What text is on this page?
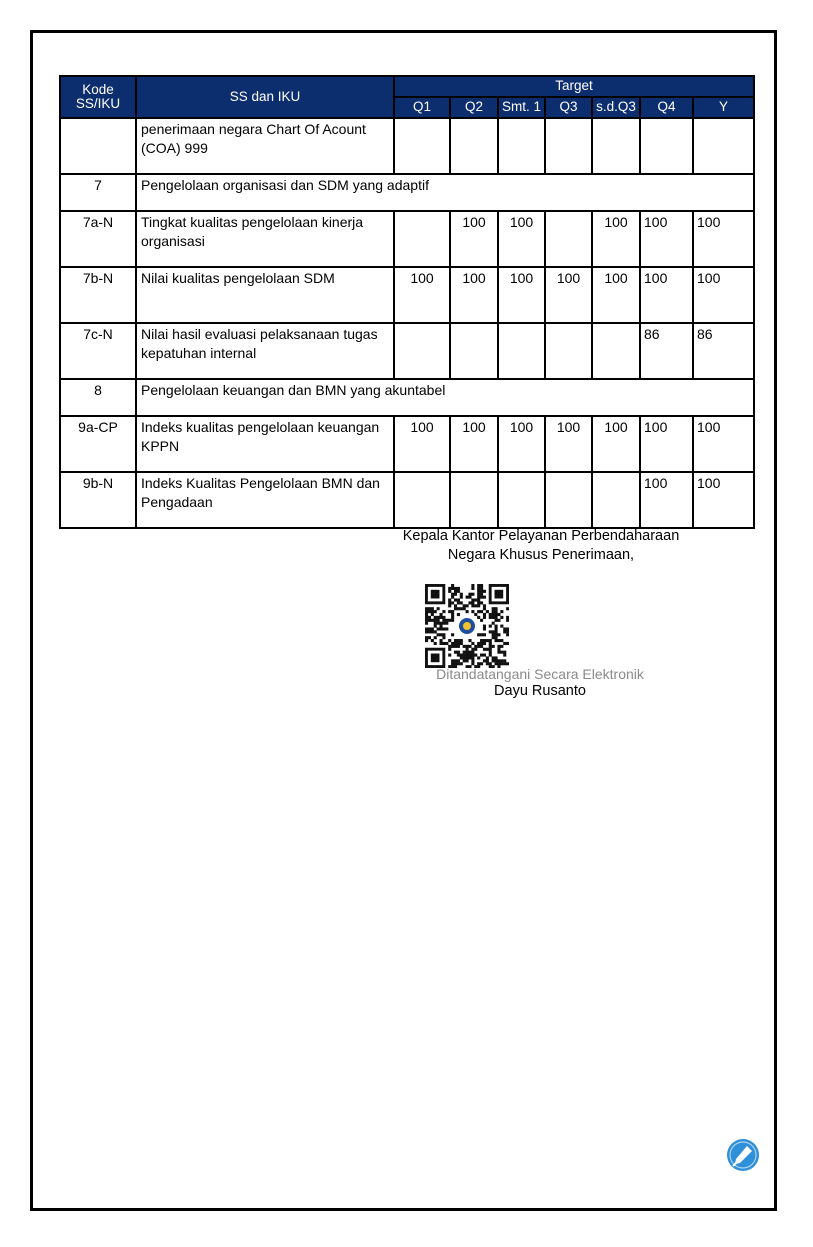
Kode SS/IKU	SS dan IKU	Target						
		Q1	Q2	Smt. 1	Q3	s.d.Q3	Q4	Y
	penerimaan negara Chart Of Acount (COA) 999							
7	Pengelolaan organisasi dan SDM yang adaptif							
7a-N	Tingkat kualitas pengelolaan kinerja organisasi		100	100		100	100	100
7b-N	Nilai kualitas pengelolaan SDM	100	100	100	100	100	100	100
7c-N	Nilai hasil evaluasi pelaksanaan tugas kepatuhan internal						86	86
8	Pengelolaan keuangan dan BMN yang akuntabel							
9a-CP	Indeks kualitas pengelolaan keuangan KPPN	100	100	100	100	100	100	100
9b-N	Indeks Kualitas Pengelolaan BMN dan Pengadaan						100	100
Kepala Kantor Pelayanan Perbendaharaan
Negara Khusus Penerimaan,
Ditandatangani Secara Elektronik
Dayu Rusanto
